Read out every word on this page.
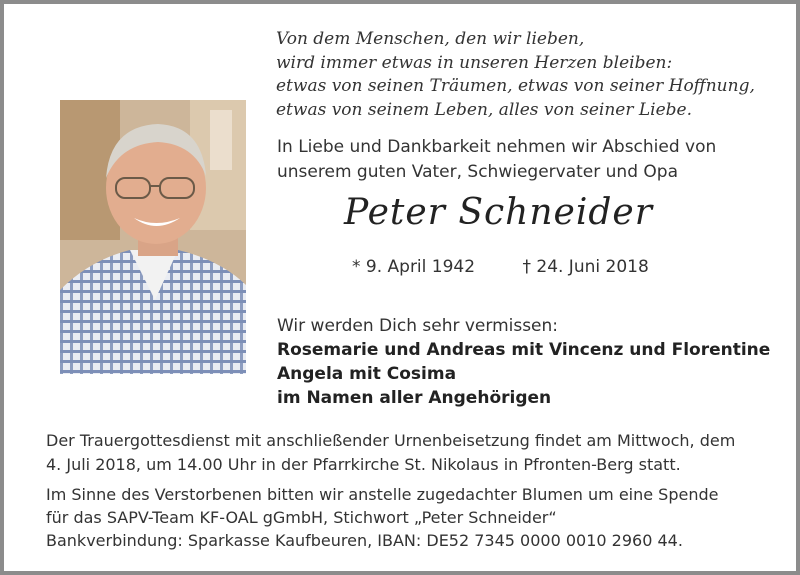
Von dem Menschen, den wir lieben,
wird immer etwas in unseren Herzen bleiben:
etwas von seinen Träumen, etwas von seiner Hoffnung,
etwas von seinem Leben, alles von seiner Liebe.
In Liebe und Dankbarkeit nehmen wir Abschied von
unserem guten Vater, Schwiegervater und Opa
Peter Schneider
* 9. April 1942	† 24. Juni 2018
Wir werden Dich sehr vermissen:
Rosemarie und Andreas mit Vincenz und Florentine
Angela mit Cosima
im Namen aller Angehörigen
Der Trauergottesdienst mit anschließender Urnenbeisetzung findet am Mittwoch, dem
4. Juli 2018, um 14.00 Uhr in der Pfarrkirche St. Nikolaus in Pfronten-Berg statt.
Im Sinne des Verstorbenen bitten wir anstelle zugedachter Blumen um eine Spende
für das SAPV-Team KF-OAL gGmbH, Stichwort „Peter Schneider“
Bankverbindung: Sparkasse Kaufbeuren, IBAN: DE52 7345 0000 0010 2960 44.
